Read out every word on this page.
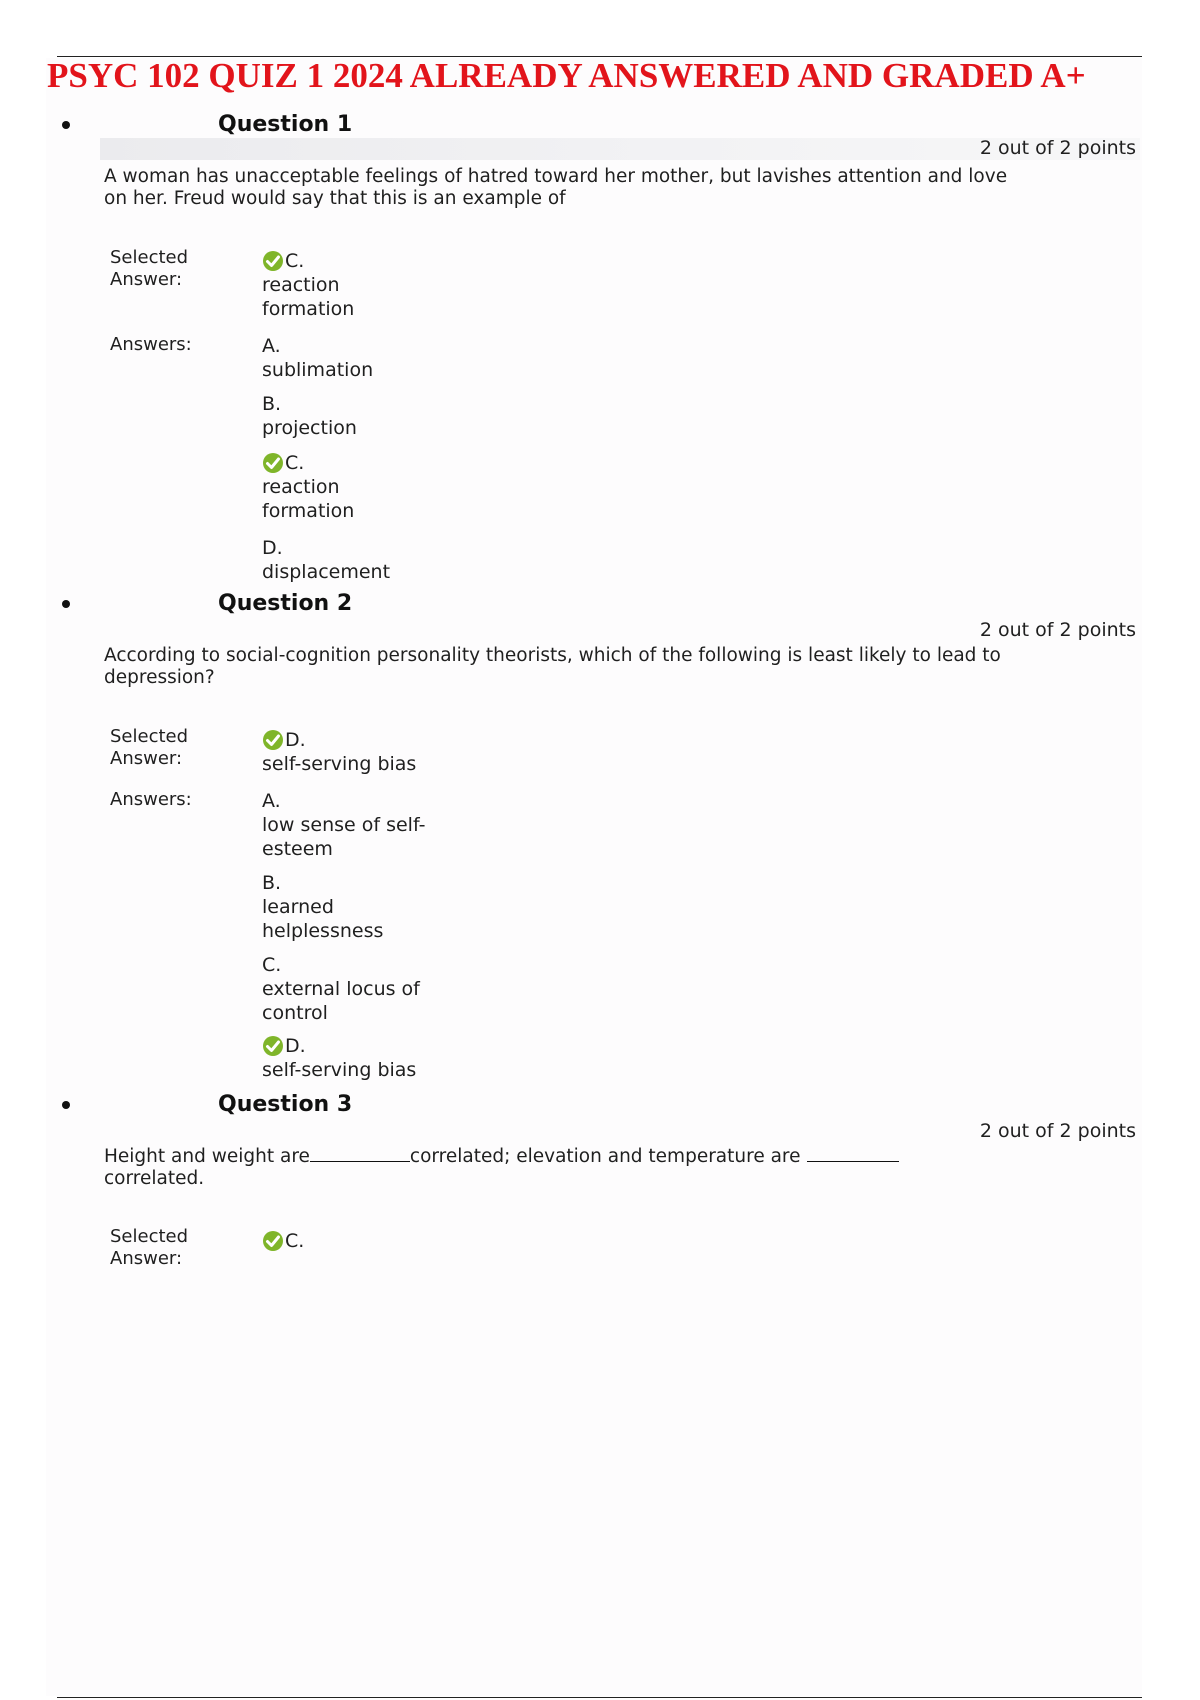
PSYC 102 QUIZ 1 2024 ALREADY ANSWERED AND GRADED A+
Question 1
2 out of 2 points
A woman has unacceptable feelings of hatred toward her mother, but lavishes attention and love on her. Freud would say that this is an example of
Selected
Answer:
C.
reaction
formation
Answers:	A.
sublimation
B.
projection
C.
reaction
formation
D.
displacement
Question 2
2 out of 2 points
According to social-cognition personality theorists, which of the following is least likely to lead to depression?
Selected
Answer:
D.
self-serving bias
Answers:	A.
low sense of self-
esteem
B.
learned
helplessness
C.
external locus of
control
D.
self-serving bias
Question 3
2 out of 2 points
Height and weight are	correlated; elevation and temperature are
correlated.
Selected
Answer:
C.
